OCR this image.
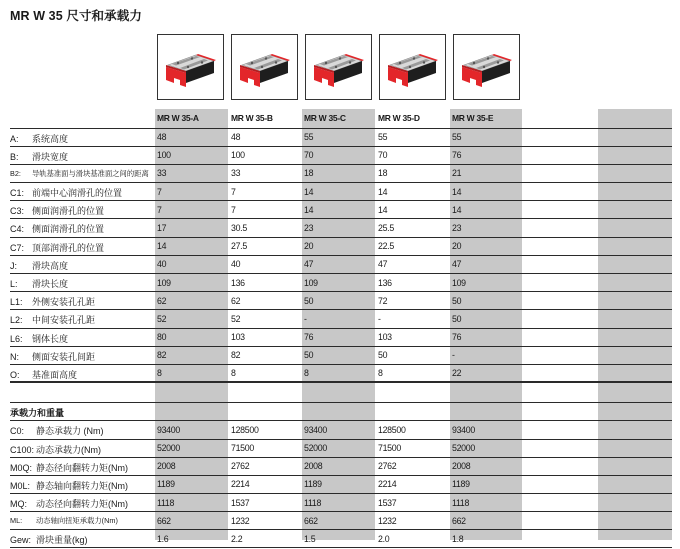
MR W 35 尺寸和承载力
MR W 35-A	MR W 35-B	MR W 35-C	MR W 35-D	MR W 35-E
A: 系统高度	48	48	55	55	55
B: 滑块宽度	100	100	70	70	76
B2: 导轨基准面与滑块基准面之间的距离 33	33	18	18	21
C1: 前端中心润滑孔的位置	7	7	14	14	14
C3: 侧面润滑孔的位置	7	7	14	14	14
C4: 侧面润滑孔的位置	17	30.5	23	25.5	23
C7: 顶部润滑孔的位置	14	27.5	20	22.5	20
J: 滑块高度	40	40	47	47	47
L: 滑块长度	109	136	109	136	109
L1: 外侧安装孔孔距	62	62	50	72	50
L2: 中间安装孔孔距	52	52	-	-	50
L6: 钢体长度	80	103	76	103	76
N: 侧面安装孔间距	82	82	50	50	-
O: 基准面高度	8	8	8	8	22
承载力和重量
C0: 静态承载力 (Nm)	93400	128500	93400	128500	93400
C100: 动态承载力(Nm)	52000	71500	52000	71500	52000
M0Q: 静态径向翻转力矩(Nm)	2008	2762	2008	2762	2008
M0L: 静态轴向翻转力矩(Nm)	1189	2214	1189	2214	1189
MQ: 动态径向翻转力矩(Nm)	1118	1537	1118	1537	1118
ML: 动态轴向扭矩承载力(Nm)	662	1232	662	1232	662
Gew: 滑块重量(kg)	1.6	2.2	1.5	2.0	1.8
